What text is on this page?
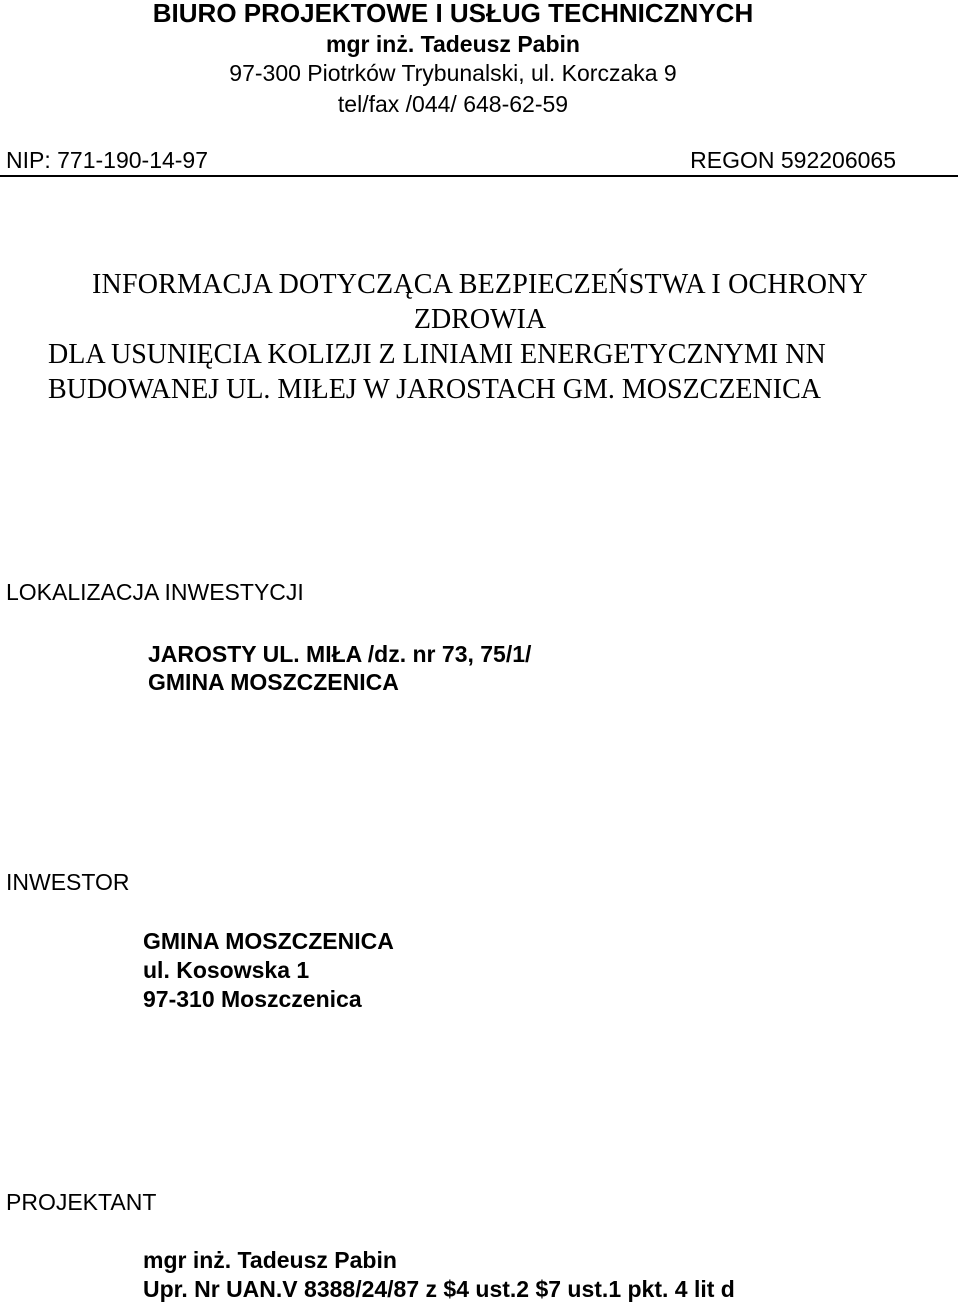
BIURO PROJEKTOWE I USŁUG TECHNICZNYCH
mgr inż. Tadeusz Pabin
97-300 Piotrków Trybunalski, ul. Korczaka 9
tel/fax /044/ 648-62-59
NIP: 771-190-14-97	REGON 592206065
INFORMACJA DOTYCZĄCA BEZPIECZEŃSTWA I OCHRONY
ZDROWIA
DLA USUNIĘCIA KOLIZJI Z LINIAMI ENERGETYCZNYMI NN
BUDOWANEJ UL. MIŁEJ W JAROSTACH GM. MOSZCZENICA
LOKALIZACJA INWESTYCJI
JAROSTY UL. MIŁA /dz. nr 73, 75/1/
GMINA MOSZCZENICA
INWESTOR
GMINA MOSZCZENICA
ul. Kosowska 1
97-310 Moszczenica
PROJEKTANT
mgr inż. Tadeusz Pabin
Upr. Nr UAN.V 8388/24/87 z $4 ust.2 $7 ust.1 pkt. 4 lit d
